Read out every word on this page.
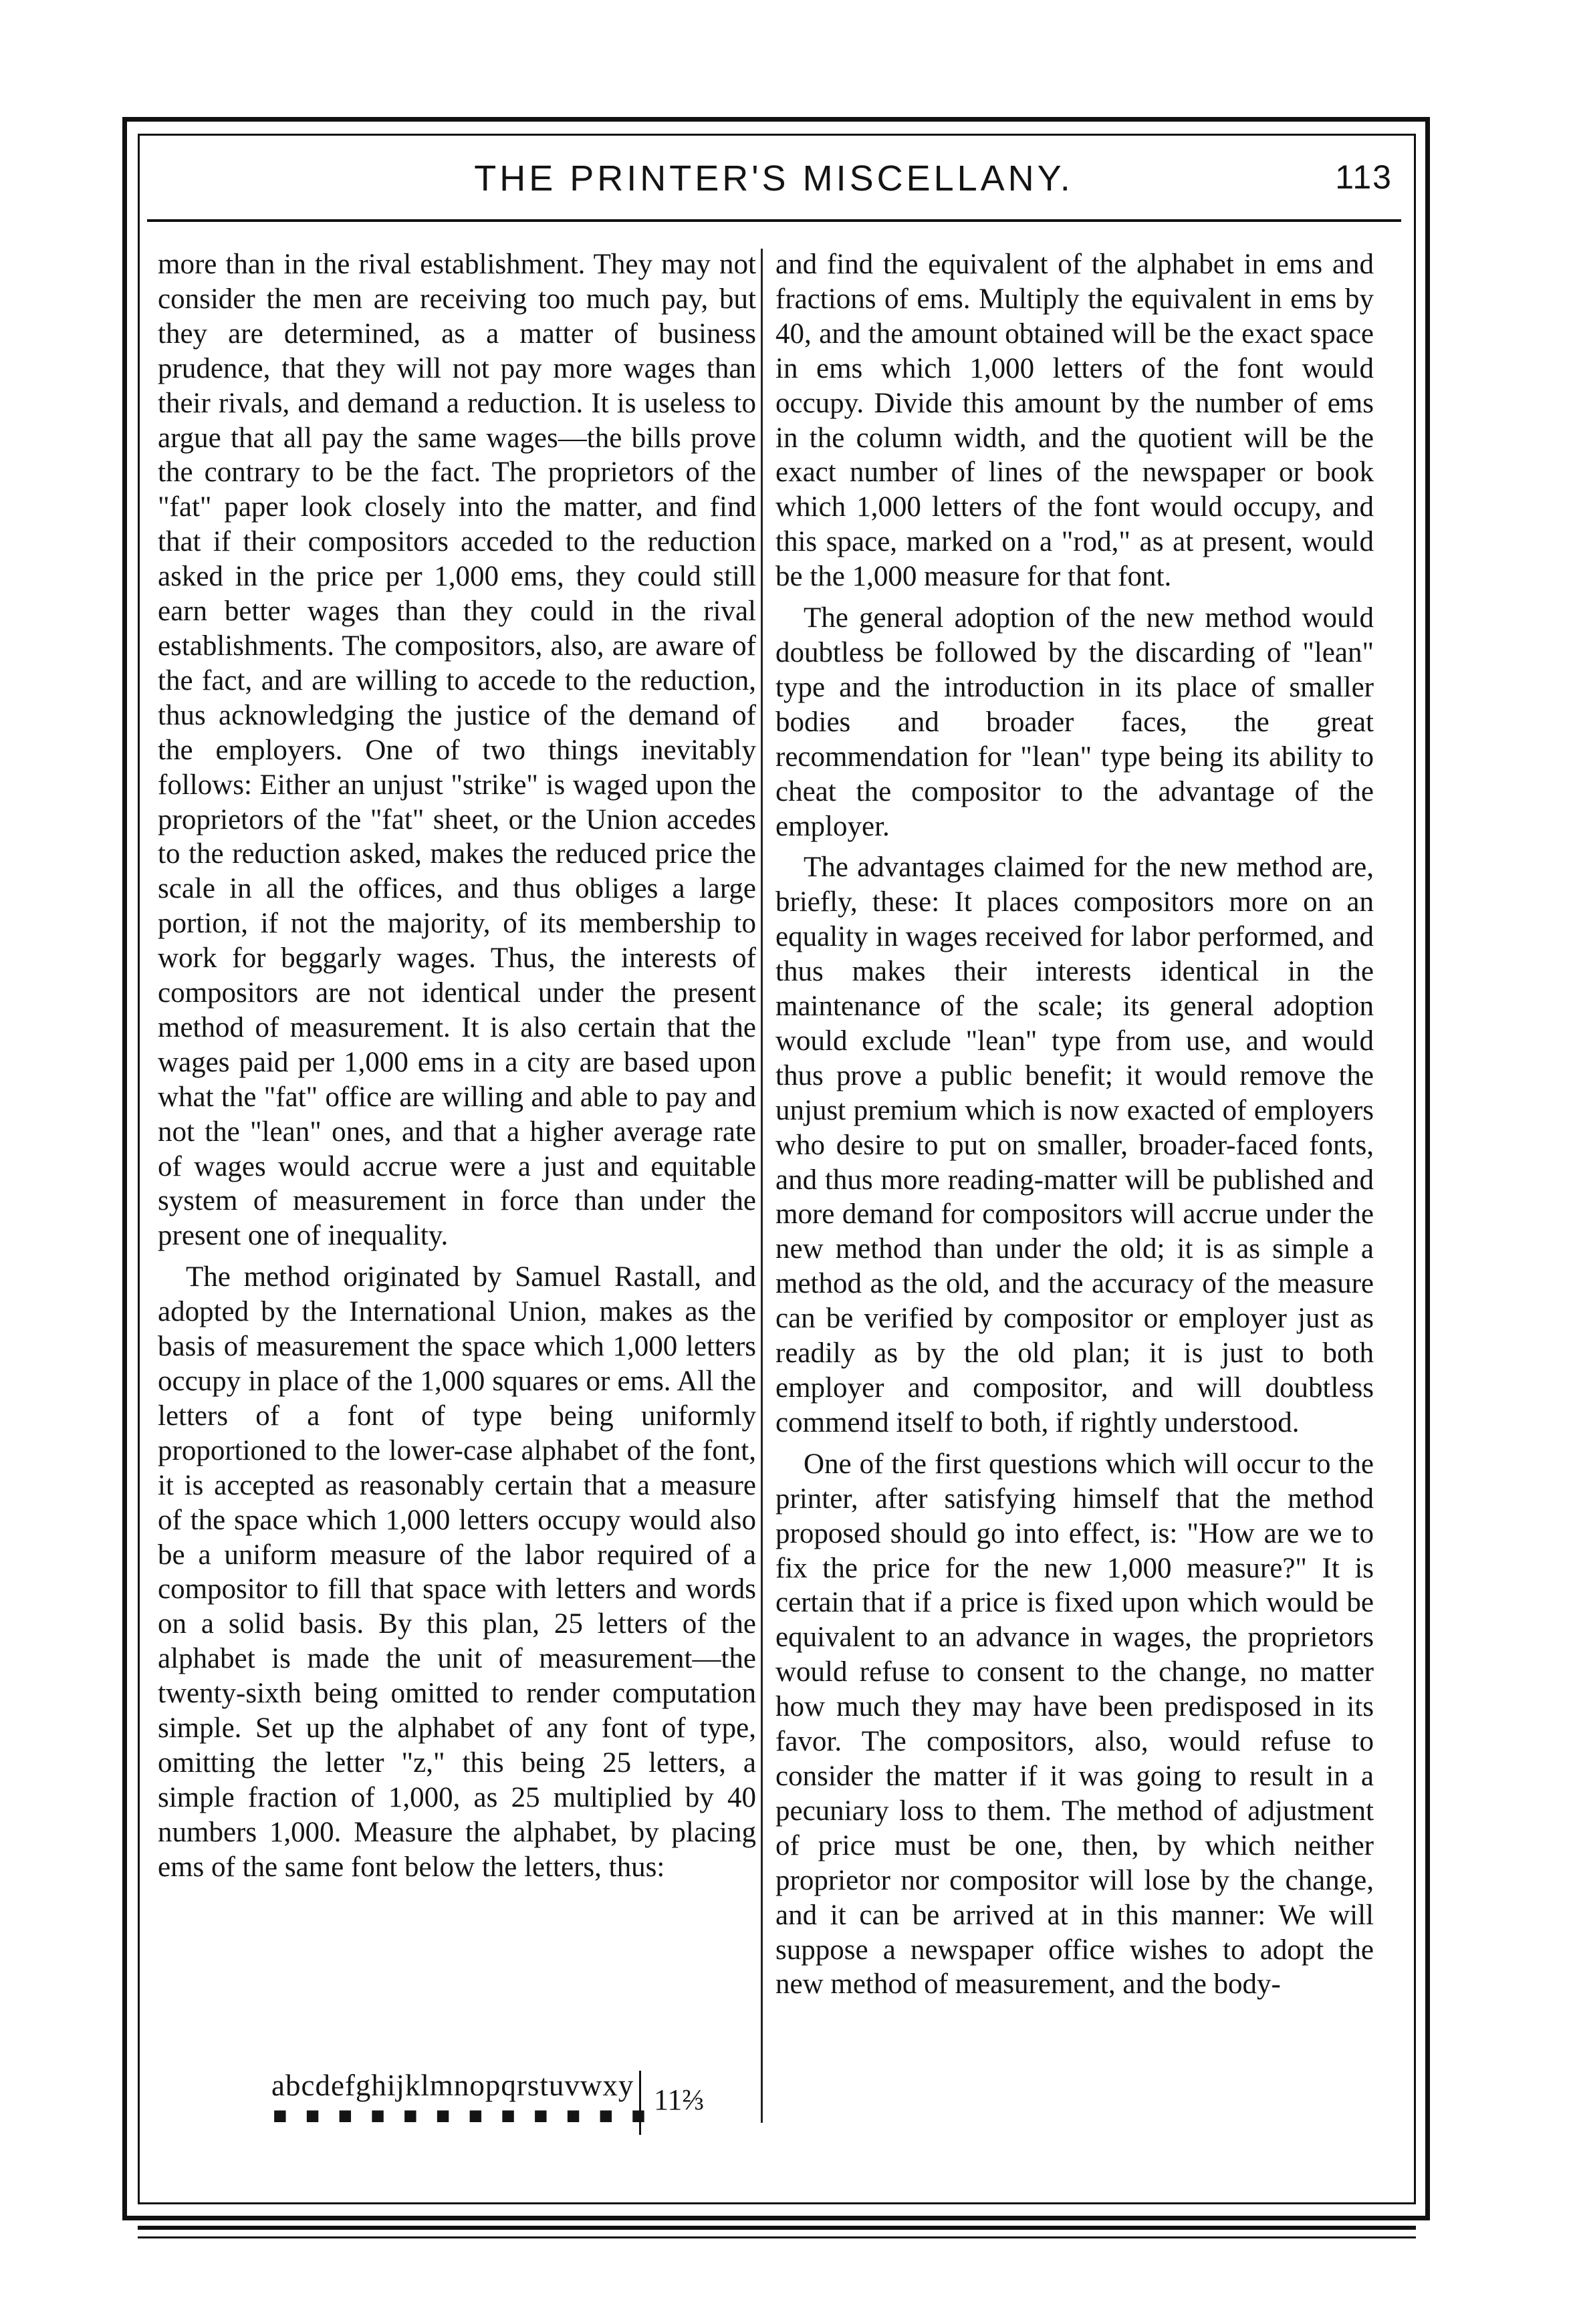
THE PRINTER'S MISCELLANY.	113

more than in the rival establishment. They may not consider the men are receiving too much pay, but they are determined, as a matter of business prudence, that they will not pay more wages than their rivals, and demand a reduction. It is useless to argue that all pay the same wages—the bills prove the contrary to be the fact. The proprietors of the "fat" paper look closely into the matter, and find that if their compositors acceded to the reduction asked in the price per 1,000 ems, they could still earn better wages than they could in the rival establishments. The compositors, also, are aware of the fact, and are willing to accede to the reduction, thus acknowledging the justice of the demand of the employers. One of two things inevitably follows: Either an unjust "strike" is waged upon the proprietors of the "fat" sheet, or the Union accedes to the reduction asked, makes the reduced price the scale in all the offices, and thus obliges a large portion, if not the majority, of its membership to work for beggarly wages. Thus, the interests of compositors are not identical under the present method of measurement. It is also certain that the wages paid per 1,000 ems in a city are based upon what the "fat" office are willing and able to pay and not the "lean" ones, and that a higher average rate of wages would accrue were a just and equitable system of measurement in force than under the present one of inequality.

The method originated by Samuel Rastall, and adopted by the International Union, makes as the basis of measurement the space which 1,000 letters occupy in place of the 1,000 squares or ems. All the letters of a font of type being uniformly proportioned to the lower-case alphabet of the font, it is accepted as reasonably certain that a measure of the space which 1,000 letters occupy would also be a uniform measure of the labor required of a compositor to fill that space with letters and words on a solid basis. By this plan, 25 letters of the alphabet is made the unit of measurement—the twenty-sixth being omitted to render computation simple. Set up the alphabet of any font of type, omitting the letter "z," this being 25 letters, a simple fraction of 1,000, as 25 multiplied by 40 numbers 1,000. Measure the alphabet, by placing ems of the same font below the letters, thus:

abcdefghijklmnopqrstuvwxy
■ ■ ■ ■ ■ ■ ■ ■ ■ ■ ■ ■ 11⅔

and find the equivalent of the alphabet in ems and fractions of ems. Multiply the equivalent in ems by 40, and the amount obtained will be the exact space in ems which 1,000 letters of the font would occupy. Divide this amount by the number of ems in the column width, and the quotient will be the exact number of lines of the newspaper or book which 1,000 letters of the font would occupy, and this space, marked on a "rod," as at present, would be the 1,000 measure for that font.

The general adoption of the new method would doubtless be followed by the discarding of "lean" type and the introduction in its place of smaller bodies and broader faces, the great recommendation for "lean" type being its ability to cheat the compositor to the advantage of the employer.

The advantages claimed for the new method are, briefly, these: It places compositors more on an equality in wages received for labor performed, and thus makes their interests identical in the maintenance of the scale; its general adoption would exclude "lean" type from use, and would thus prove a public benefit; it would remove the unjust premium which is now exacted of employers who desire to put on smaller, broader-faced fonts, and thus more reading-matter will be published and more demand for compositors will accrue under the new method than under the old; it is as simple a method as the old, and the accuracy of the measure can be verified by compositor or employer just as readily as by the old plan; it is just to both employer and compositor, and will doubtless commend itself to both, if rightly understood.

One of the first questions which will occur to the printer, after satisfying himself that the method proposed should go into effect, is: "How are we to fix the price for the new 1,000 measure?" It is certain that if a price is fixed upon which would be equivalent to an advance in wages, the proprietors would refuse to consent to the change, no matter how much they may have been predisposed in its favor. The compositors, also, would refuse to consider the matter if it was going to result in a pecuniary loss to them. The method of adjustment of price must be one, then, by which neither proprietor nor compositor will lose by the change, and it can be arrived at in this manner: We will suppose a newspaper office wishes to adopt the new method of measurement, and the body-
